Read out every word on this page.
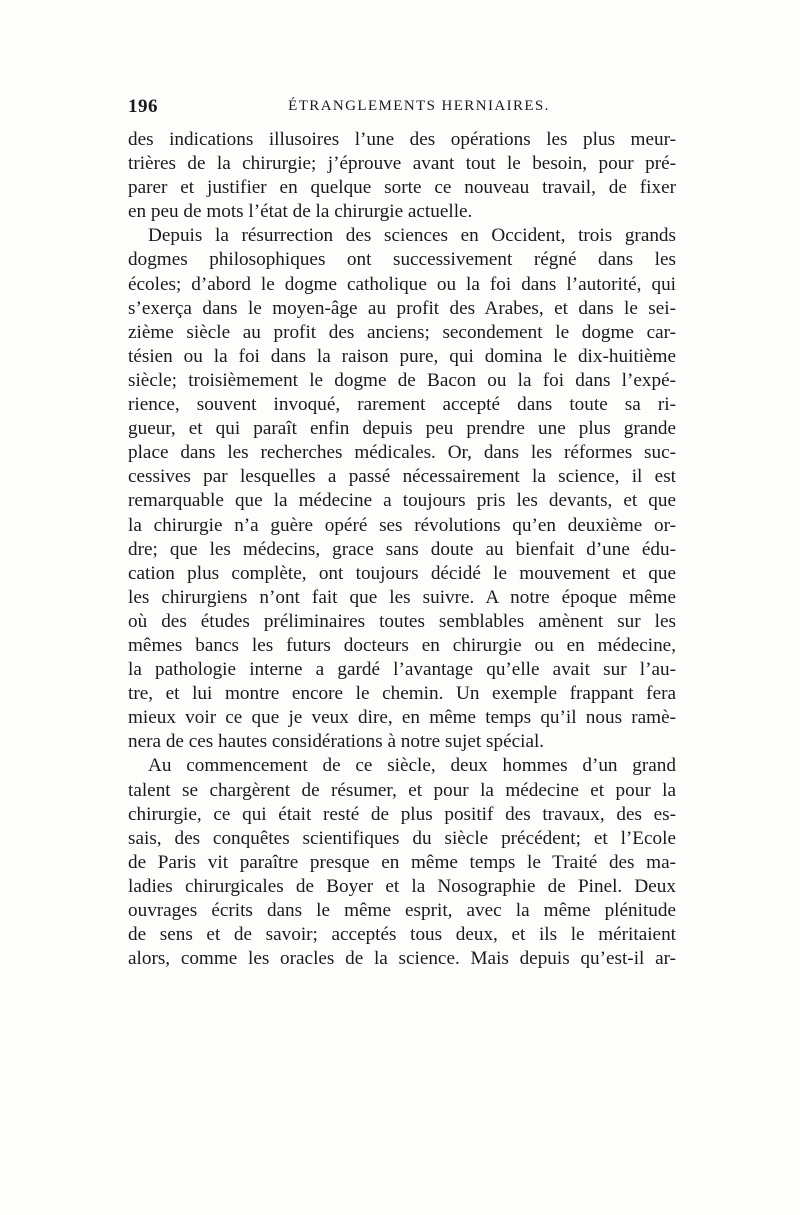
196	ÉTRANGLEMENTS HERNIAIRES.
des indications illusoires l’une des opérations les plus meur-
trières de la chirurgie; j’éprouve avant tout le besoin, pour pré-
parer et justifier en quelque sorte ce nouveau travail, de fixer
en peu de mots l’état de la chirurgie actuelle.
Depuis la résurrection des sciences en Occident, trois grands
dogmes philosophiques ont successivement régné dans les
écoles; d’abord le dogme catholique ou la foi dans l’autorité, qui
s’exerça dans le moyen-âge au profit des Arabes, et dans le sei-
zième siècle au profit des anciens; secondement le dogme car-
tésien ou la foi dans la raison pure, qui domina le dix-huitième
siècle; troisièmement le dogme de Bacon ou la foi dans l’expé-
rience, souvent invoqué, rarement accepté dans toute sa ri-
gueur, et qui paraît enfin depuis peu prendre une plus grande
place dans les recherches médicales. Or, dans les réformes suc-
cessives par lesquelles a passé nécessairement la science, il est
remarquable que la médecine a toujours pris les devants, et que
la chirurgie n’a guère opéré ses révolutions qu’en deuxième or-
dre; que les médecins, grace sans doute au bienfait d’une édu-
cation plus complète, ont toujours décidé le mouvement et que
les chirurgiens n’ont fait que les suivre. A notre époque même
où des études préliminaires toutes semblables amènent sur les
mêmes bancs les futurs docteurs en chirurgie ou en médecine,
la pathologie interne a gardé l’avantage qu’elle avait sur l’au-
tre, et lui montre encore le chemin. Un exemple frappant fera
mieux voir ce que je veux dire, en même temps qu’il nous ramè-
nera de ces hautes considérations à notre sujet spécial.
Au commencement de ce siècle, deux hommes d’un grand
talent se chargèrent de résumer, et pour la médecine et pour la
chirurgie, ce qui était resté de plus positif des travaux, des es-
sais, des conquêtes scientifiques du siècle précédent; et l’Ecole
de Paris vit paraître presque en même temps le Traité des ma-
ladies chirurgicales de Boyer et la Nosographie de Pinel. Deux
ouvrages écrits dans le même esprit, avec la même plénitude
de sens et de savoir; acceptés tous deux, et ils le méritaient
alors, comme les oracles de la science. Mais depuis qu’est-il ar-
